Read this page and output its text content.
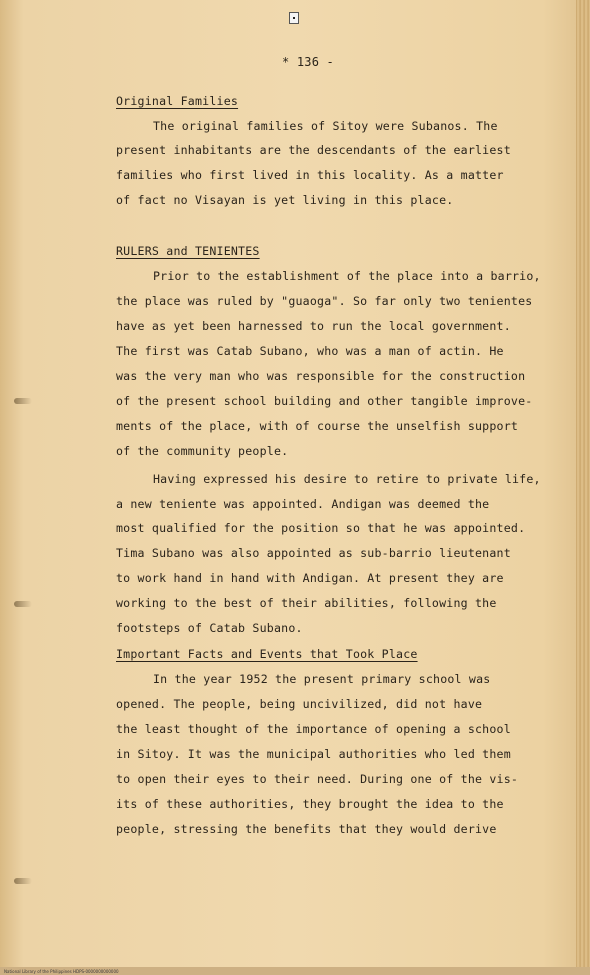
* 136 -
Original Families
The original families of Sitoy were Subanos. The
present inhabitants are the descendants of the earliest
families who first lived in this locality. As a matter
of fact no Visayan is yet living in this place.
RULERS and TENIENTES
Prior to the establishment of the place into a barrio,
the place was ruled by "guaoga". So far only two tenientes
have as yet been harnessed to run the local government.
The first was Catab Subano, who was a man of actin. He
was the very man who was responsible for the construction
of the present school building and other tangible improve-
ments of the place, with of course the unselfish support
of the community people.
Having expressed his desire to retire to private life,
a new teniente was appointed. Andigan was deemed the
most qualified for the position so that he was appointed.
Tima Subano was also appointed as sub-barrio lieutenant
to work hand in hand with Andigan. At present they are
working to the best of their abilities, following the
footsteps of Catab Subano.
Important Facts and Events that Took Place
In the year 1952 the present primary school was
opened. The people, being uncivilized, did not have
the least thought of the importance of opening a school
in Sitoy. It was the municipal authorities who led them
to open their eyes to their need. During one of the vis-
its of these authorities, they brought the idea to the
people, stressing the benefits that they would derive
National Library of the Philippines HDPS-0000000000000
